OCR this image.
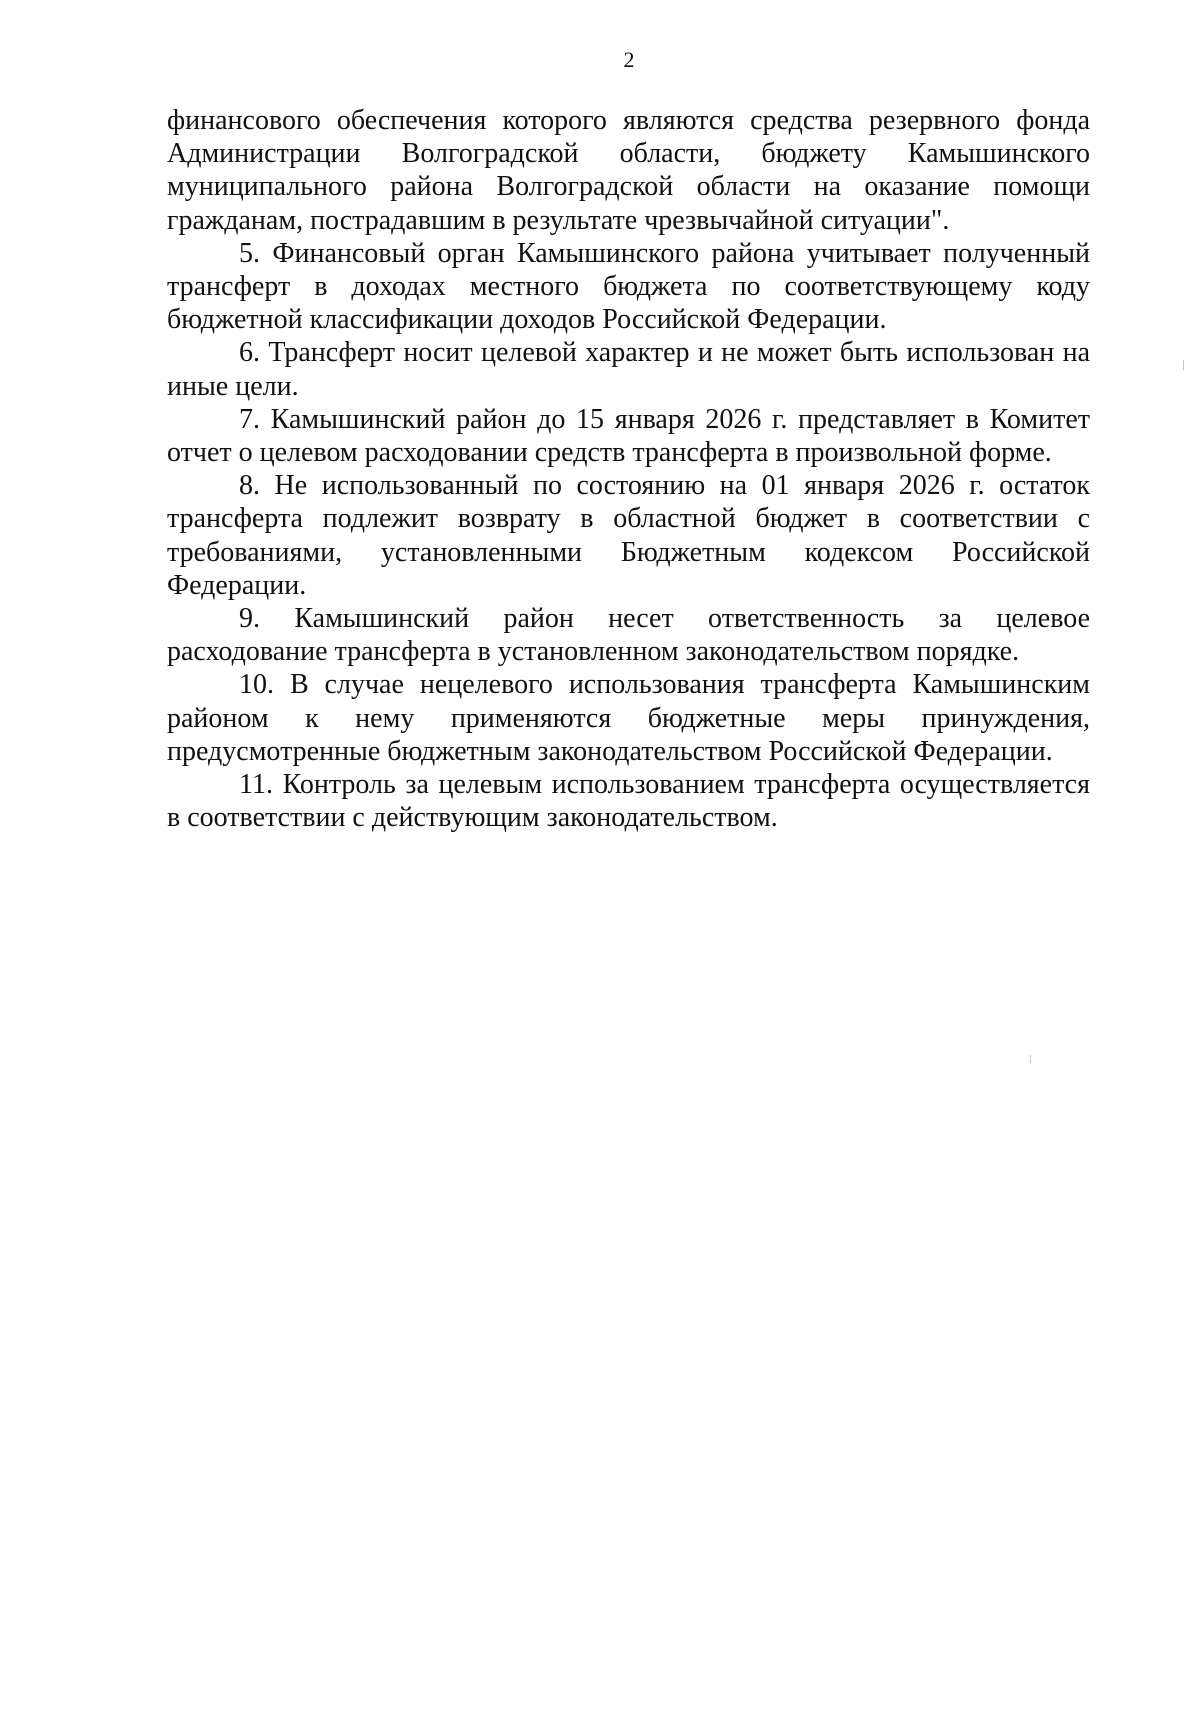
2

финансового обеспечения которого являются средства резервного фонда Администрации Волгоградской области, бюджету Камышинского муниципального района Волгоградской области на оказание помощи гражданам, пострадавшим в результате чрезвычайной ситуации".

5. Финансовый орган Камышинского района учитывает полученный трансферт в доходах местного бюджета по соответствующему коду бюджетной классификации доходов Российской Федерации.

6. Трансферт носит целевой характер и не может быть использован на иные цели.

7. Камышинский район до 15 января 2026 г. представляет в Комитет отчет о целевом расходовании средств трансферта в произвольной форме.

8. Не использованный по состоянию на 01 января 2026 г. остаток трансферта подлежит возврату в областной бюджет в соответствии с требованиями, установленными Бюджетным кодексом Российской Федерации.

9. Камышинский район несет ответственность за целевое расходование трансферта в установленном законодательством порядке.

10. В случае нецелевого использования трансферта Камышинским районом к нему применяются бюджетные меры принуждения, предусмотренные бюджетным законодательством Российской Федерации.

11. Контроль за целевым использованием трансферта осуществляется в соответствии с действующим законодательством.
